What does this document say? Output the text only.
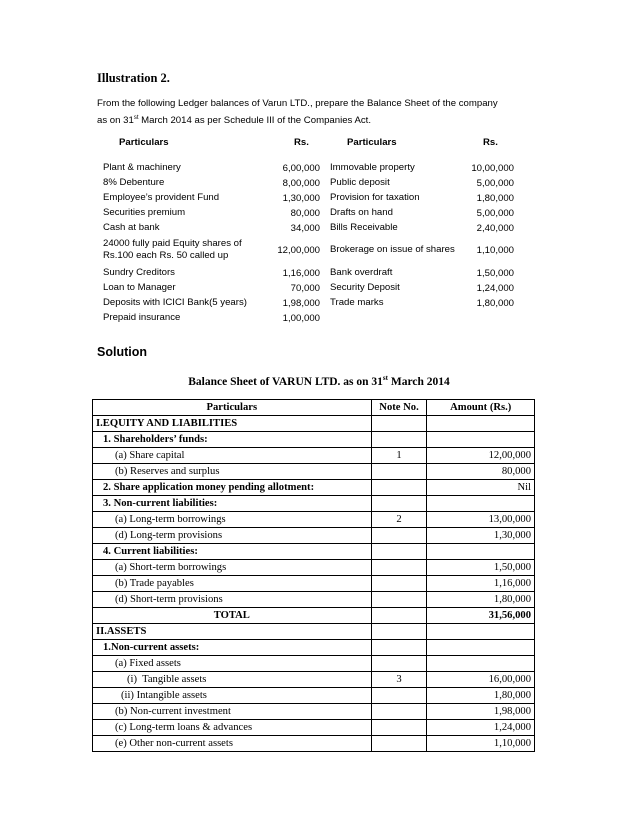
Illustration 2.
From the following Ledger balances of Varun LTD., prepare the Balance Sheet of the company
as on 31st March 2014 as per Schedule III of the Companies Act.
Particulars	Rs.	Particulars	Rs.
Plant & machinery	6,00,000	Immovable property	10,00,000
8% Debenture	8,00,000	Public deposit	5,00,000
Employee’s provident Fund	1,30,000	Provision for taxation	1,80,000
Securities premium	80,000	Drafts on hand	5,00,000
Cash at bank	34,000	Bills Receivable	2,40,000
24000 fully paid Equity shares of Rs.100 each Rs. 50 called up	12,00,000	Brokerage on issue of shares	1,10,000
Sundry Creditors	1,16,000	Bank overdraft	1,50,000
Loan to Manager	70,000	Security Deposit	1,24,000
Deposits with ICICI Bank(5 years)	1,98,000	Trade marks	1,80,000
Prepaid insurance	1,00,000
Solution
Balance Sheet of VARUN LTD. as on 31st March 2014
Particulars	Note No.	Amount (Rs.)
I.EQUITY AND LIABILITIES		
1. Shareholders’ funds:		
(a) Share capital	1	12,00,000
(b) Reserves and surplus		80,000
2. Share application money pending allotment:		Nil
3. Non-current liabilities:		
(a) Long-term borrowings	2	13,00,000
(d) Long-term provisions		1,30,000
4. Current liabilities:		
(a) Short-term borrowings		1,50,000
(b) Trade payables		1,16,000
(d) Short-term provisions		1,80,000
TOTAL		31,56,000
II.ASSETS		
1.Non-current assets:		
(a) Fixed assets		
(i)  Tangible assets	3	16,00,000
(ii) Intangible assets		1,80,000
(b) Non-current investment		1,98,000
(c) Long-term loans & advances		1,24,000
(e) Other non-current assets		1,10,000
